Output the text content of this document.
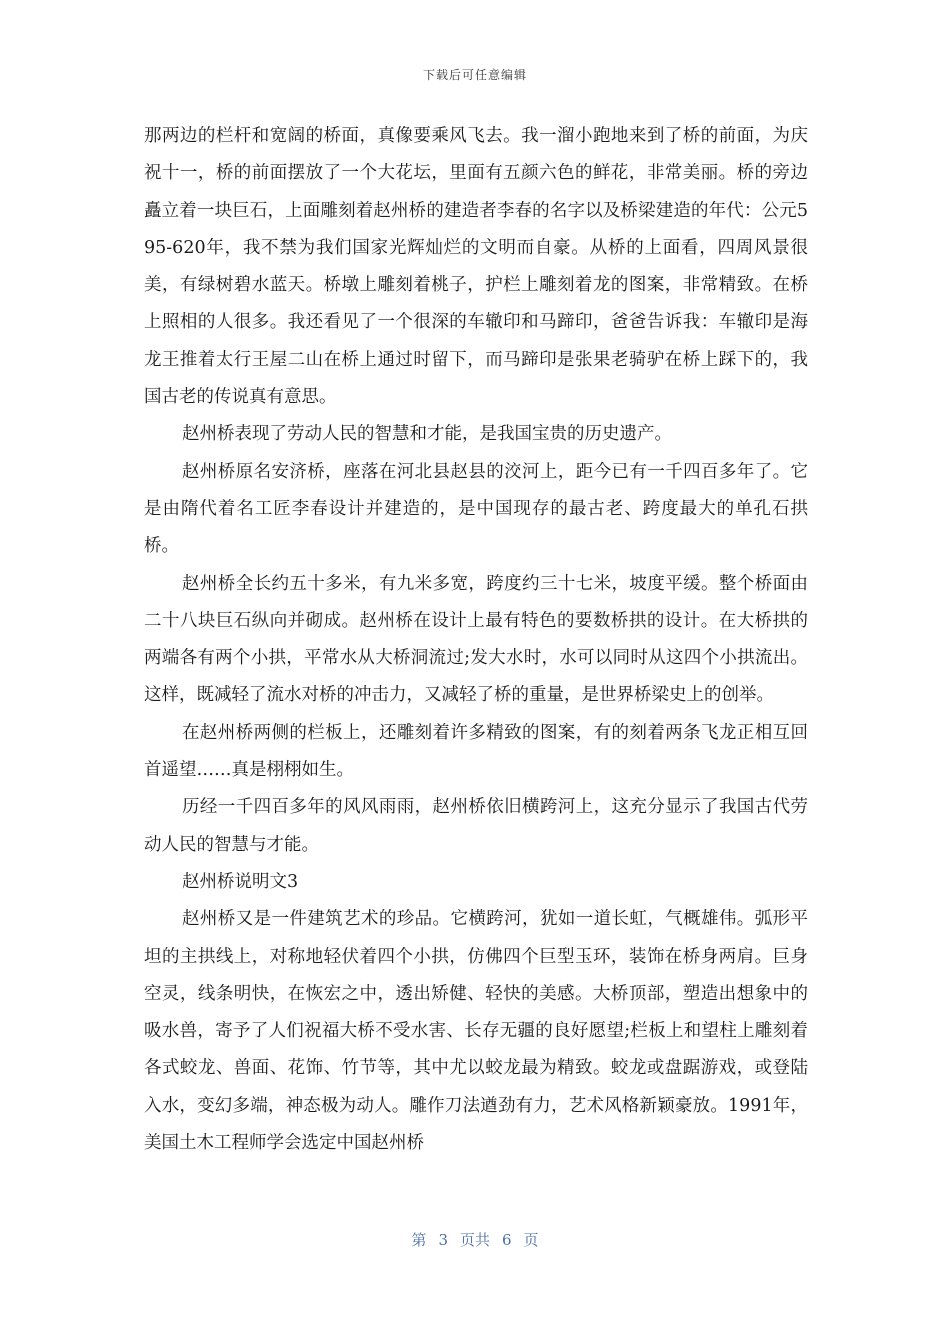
下载后可任意编辑

那两边的栏杆和宽阔的桥面，真像要乘风飞去。我一溜小跑地来到了桥的前面，为庆祝十一，桥的前面摆放了一个大花坛，里面有五颜六色的鲜花，非常美丽。桥的旁边矗立着一块巨石，上面雕刻着赵州桥的建造者李春的名字以及桥梁建造的年代：公元595-620年，我不禁为我们国家光辉灿烂的文明而自豪。从桥的上面看，四周风景很美，有绿树碧水蓝天。桥墩上雕刻着桃子，护栏上雕刻着龙的图案，非常精致。在桥上照相的人很多。我还看见了一个很深的车辙印和马蹄印，爸爸告诉我：车辙印是海龙王推着太行王屋二山在桥上通过时留下，而马蹄印是张果老骑驴在桥上踩下的，我国古老的传说真有意思。

赵州桥表现了劳动人民的智慧和才能，是我国宝贵的历史遗产。

赵州桥原名安济桥，座落在河北县赵县的洨河上，距今已有一千四百多年了。它是由隋代着名工匠李春设计并建造的，是中国现存的最古老、跨度最大的单孔石拱桥。

赵州桥全长约五十多米，有九米多宽，跨度约三十七米，坡度平缓。整个桥面由二十八块巨石纵向并砌成。赵州桥在设计上最有特色的要数桥拱的设计。在大桥拱的两端各有两个小拱，平常水从大桥洞流过;发大水时，水可以同时从这四个小拱流出。这样，既减轻了流水对桥的冲击力，又减轻了桥的重量，是世界桥梁史上的创举。

在赵州桥两侧的栏板上，还雕刻着许多精致的图案，有的刻着两条飞龙正相互回首遥望……真是栩栩如生。

历经一千四百多年的风风雨雨，赵州桥依旧横跨河上，这充分显示了我国古代劳动人民的智慧与才能。

赵州桥说明文3

赵州桥又是一件建筑艺术的珍品。它横跨河，犹如一道长虹，气概雄伟。弧形平坦的主拱线上，对称地轻伏着四个小拱，仿佛四个巨型玉环，装饰在桥身两肩。巨身空灵，线条明快，在恢宏之中，透出矫健、轻快的美感。大桥顶部，塑造出想象中的吸水兽，寄予了人们祝福大桥不受水害、长存无疆的良好愿望;栏板上和望柱上雕刻着各式蛟龙、兽面、花饰、竹节等，其中尤以蛟龙最为精致。蛟龙或盘踞游戏，或登陆入水，变幻多端，神态极为动人。雕作刀法遒劲有力，艺术风格新颖豪放。1991年，美国土木工程师学会选定中国赵州桥

第 3 页共 6 页
